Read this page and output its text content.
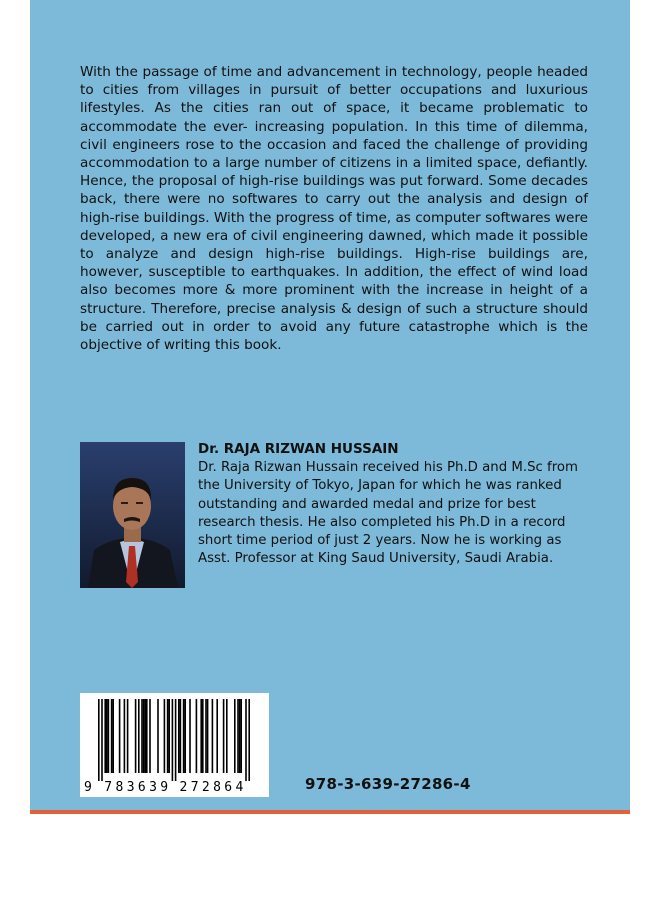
With the passage of time and advancement in technology, people headed to cities from villages in pursuit of better occupations and luxurious lifestyles. As the cities ran out of space, it became problematic to accommodate the ever- increasing population. In this time of dilemma, civil engineers rose to the occasion and faced the challenge of providing accommodation to a large number of citizens in a limited space, defiantly. Hence, the proposal of high-rise buildings was put forward. Some decades back, there were no softwares to carry out the analysis and design of high-rise buildings. With the progress of time, as computer softwares were developed, a new era of civil engineering dawned, which made it possible to analyze and design high-rise buildings. High-rise buildings are, however, susceptible to earthquakes. In addition, the effect of wind load also becomes more & more prominent with the increase in height of a structure. Therefore, precise analysis & design of such a structure should be carried out in order to avoid any future catastrophe which is the objective of writing this book.

Dr. RAJA RIZWAN HUSSAIN

Dr. Raja Rizwan Hussain received his Ph.D and M.Sc from the University of Tokyo, Japan for which he was ranked outstanding and awarded medal and prize for best research thesis. He also completed his Ph.D in a record short time period of just 2 years. Now he is working as Asst. Professor at King Saud University, Saudi Arabia.

9 7 8 3 6 3 9 2 7 2 8 6 4	978-3-639-27286-4
